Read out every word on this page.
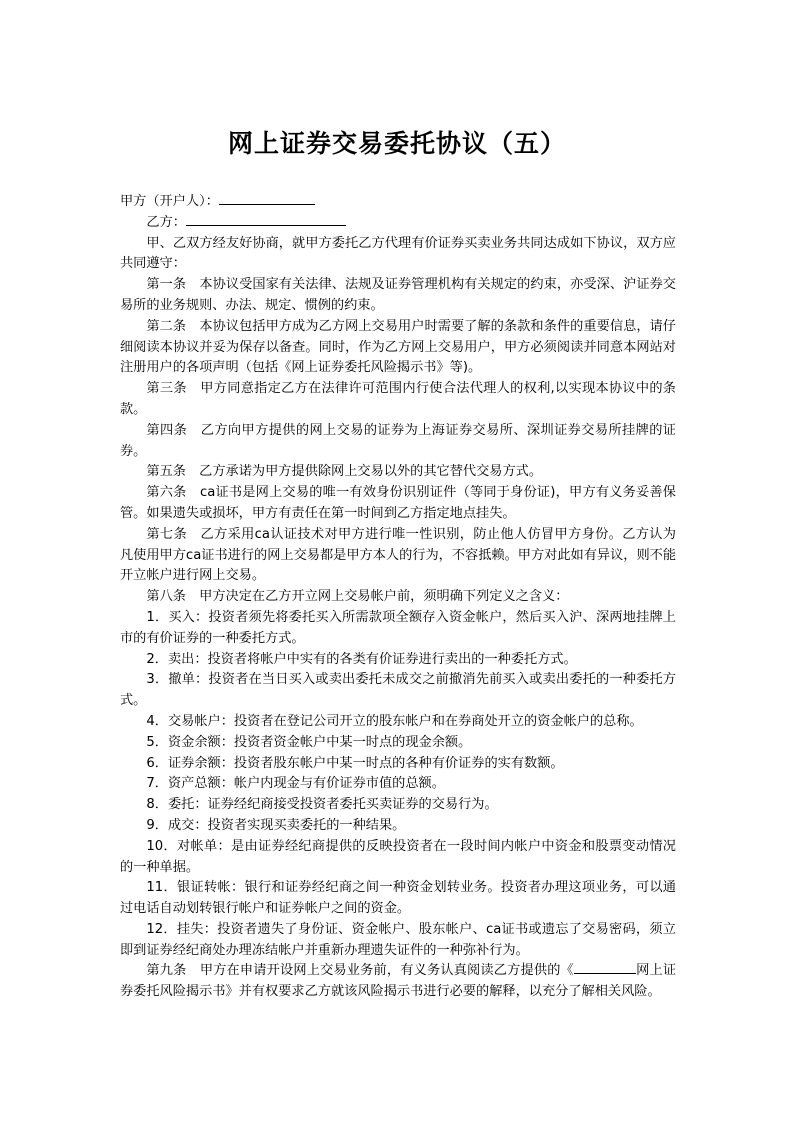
网上证券交易委托协议（五）

甲方（开户人）：

乙方：

甲、乙双方经友好协商，就甲方委托乙方代理有价证券买卖业务共同达成如下协议，双方应共同遵守：

第一条　本协议受国家有关法律、法规及证券管理机构有关规定的约束，亦受深、沪证券交易所的业务规则、办法、规定、惯例的约束。

第二条　本协议包括甲方成为乙方网上交易用户时需要了解的条款和条件的重要信息，请仔细阅读本协议并妥为保存以备查。同时，作为乙方网上交易用户，甲方必须阅读并同意本网站对注册用户的各项声明（包括《网上证券委托风险揭示书》等)。

第三条　甲方同意指定乙方在法律许可范围内行使合法代理人的权利,以实现本协议中的条款。

第四条　乙方向甲方提供的网上交易的证券为上海证券交易所、深圳证券交易所挂牌的证券。

第五条　乙方承诺为甲方提供除网上交易以外的其它替代交易方式。

第六条　ca证书是网上交易的唯一有效身份识别证件（等同于身份证)，甲方有义务妥善保管。如果遗失或损坏，甲方有责任在第一时间到乙方指定地点挂失。

第七条　乙方采用ca认证技术对甲方进行唯一性识别，防止他人仿冒甲方身份。乙方认为凡使用甲方ca证书进行的网上交易都是甲方本人的行为，不容抵赖。甲方对此如有异议，则不能开立帐户进行网上交易。

第八条　甲方决定在乙方开立网上交易帐户前，须明确下列定义之含义：

1．买入：投资者须先将委托买入所需款项全额存入资金帐户，然后买入沪、深两地挂牌上市的有价证券的一种委托方式。

2．卖出：投资者将帐户中实有的各类有价证券进行卖出的一种委托方式。

3．撤单：投资者在当日买入或卖出委托未成交之前撤消先前买入或卖出委托的一种委托方式。

4．交易帐户：投资者在登记公司开立的股东帐户和在券商处开立的资金帐户的总称。

5．资金余额：投资者资金帐户中某一时点的现金余额。

6．证券余额：投资者股东帐户中某一时点的各种有价证券的实有数额。

7．资产总额：帐户内现金与有价证券市值的总额。

8．委托：证券经纪商接受投资者委托买卖证券的交易行为。

9．成交：投资者实现买卖委托的一种结果。

10．对帐单：是由证券经纪商提供的反映投资者在一段时间内帐户中资金和股票变动情况的一种单据。

11．银证转帐：银行和证券经纪商之间一种资金划转业务。投资者办理这项业务，可以通过电话自动划转银行帐户和证券帐户之间的资金。

12．挂失：投资者遗失了身份证、资金帐户、股东帐户、ca证书或遗忘了交易密码，须立即到证券经纪商处办理冻结帐户并重新办理遗失证件的一种弥补行为。

第九条　甲方在申请开设网上交易业务前，有义务认真阅读乙方提供的《	网上证券委托风险揭示书》并有权要求乙方就该风险揭示书进行必要的解释，以充分了解相关风险。
